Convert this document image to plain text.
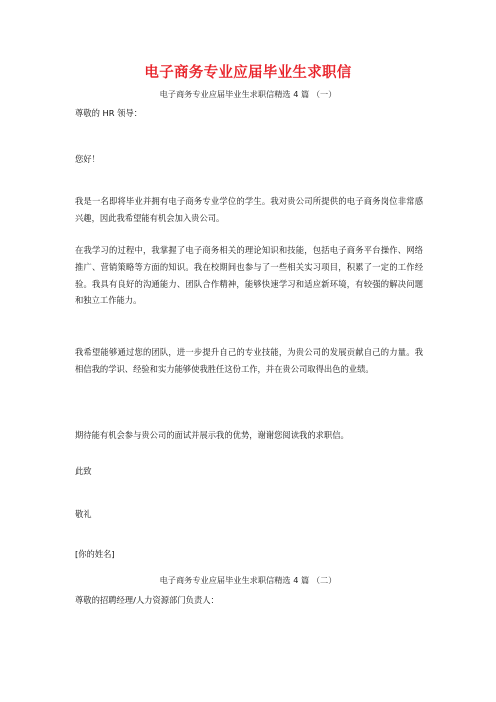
电子商务专业应届毕业生求职信
电子商务专业应届毕业生求职信精选 4 篇 （一）

尊敬的 HR 领导：

您好！

我是一名即将毕业并拥有电子商务专业学位的学生。我对贵公司所提供的电子商务岗位非常感兴趣，因此我希望能有机会加入贵公司。

在我学习的过程中，我掌握了电子商务相关的理论知识和技能，包括电子商务平台操作、网络推广、营销策略等方面的知识。我在校期间也参与了一些相关实习项目，积累了一定的工作经验。我具有良好的沟通能力、团队合作精神，能够快速学习和适应新环境，有较强的解决问题和独立工作能力。

我希望能够通过您的团队，进一步提升自己的专业技能，为贵公司的发展贡献自己的力量。我相信我的学识、经验和实力能够使我胜任这份工作，并在贵公司取得出色的业绩。

期待能有机会参与贵公司的面试并展示我的优势，谢谢您阅读我的求职信。

此致

敬礼

[你的姓名]

电子商务专业应届毕业生求职信精选 4 篇 （二）

尊敬的招聘经理/人力资源部门负责人：
